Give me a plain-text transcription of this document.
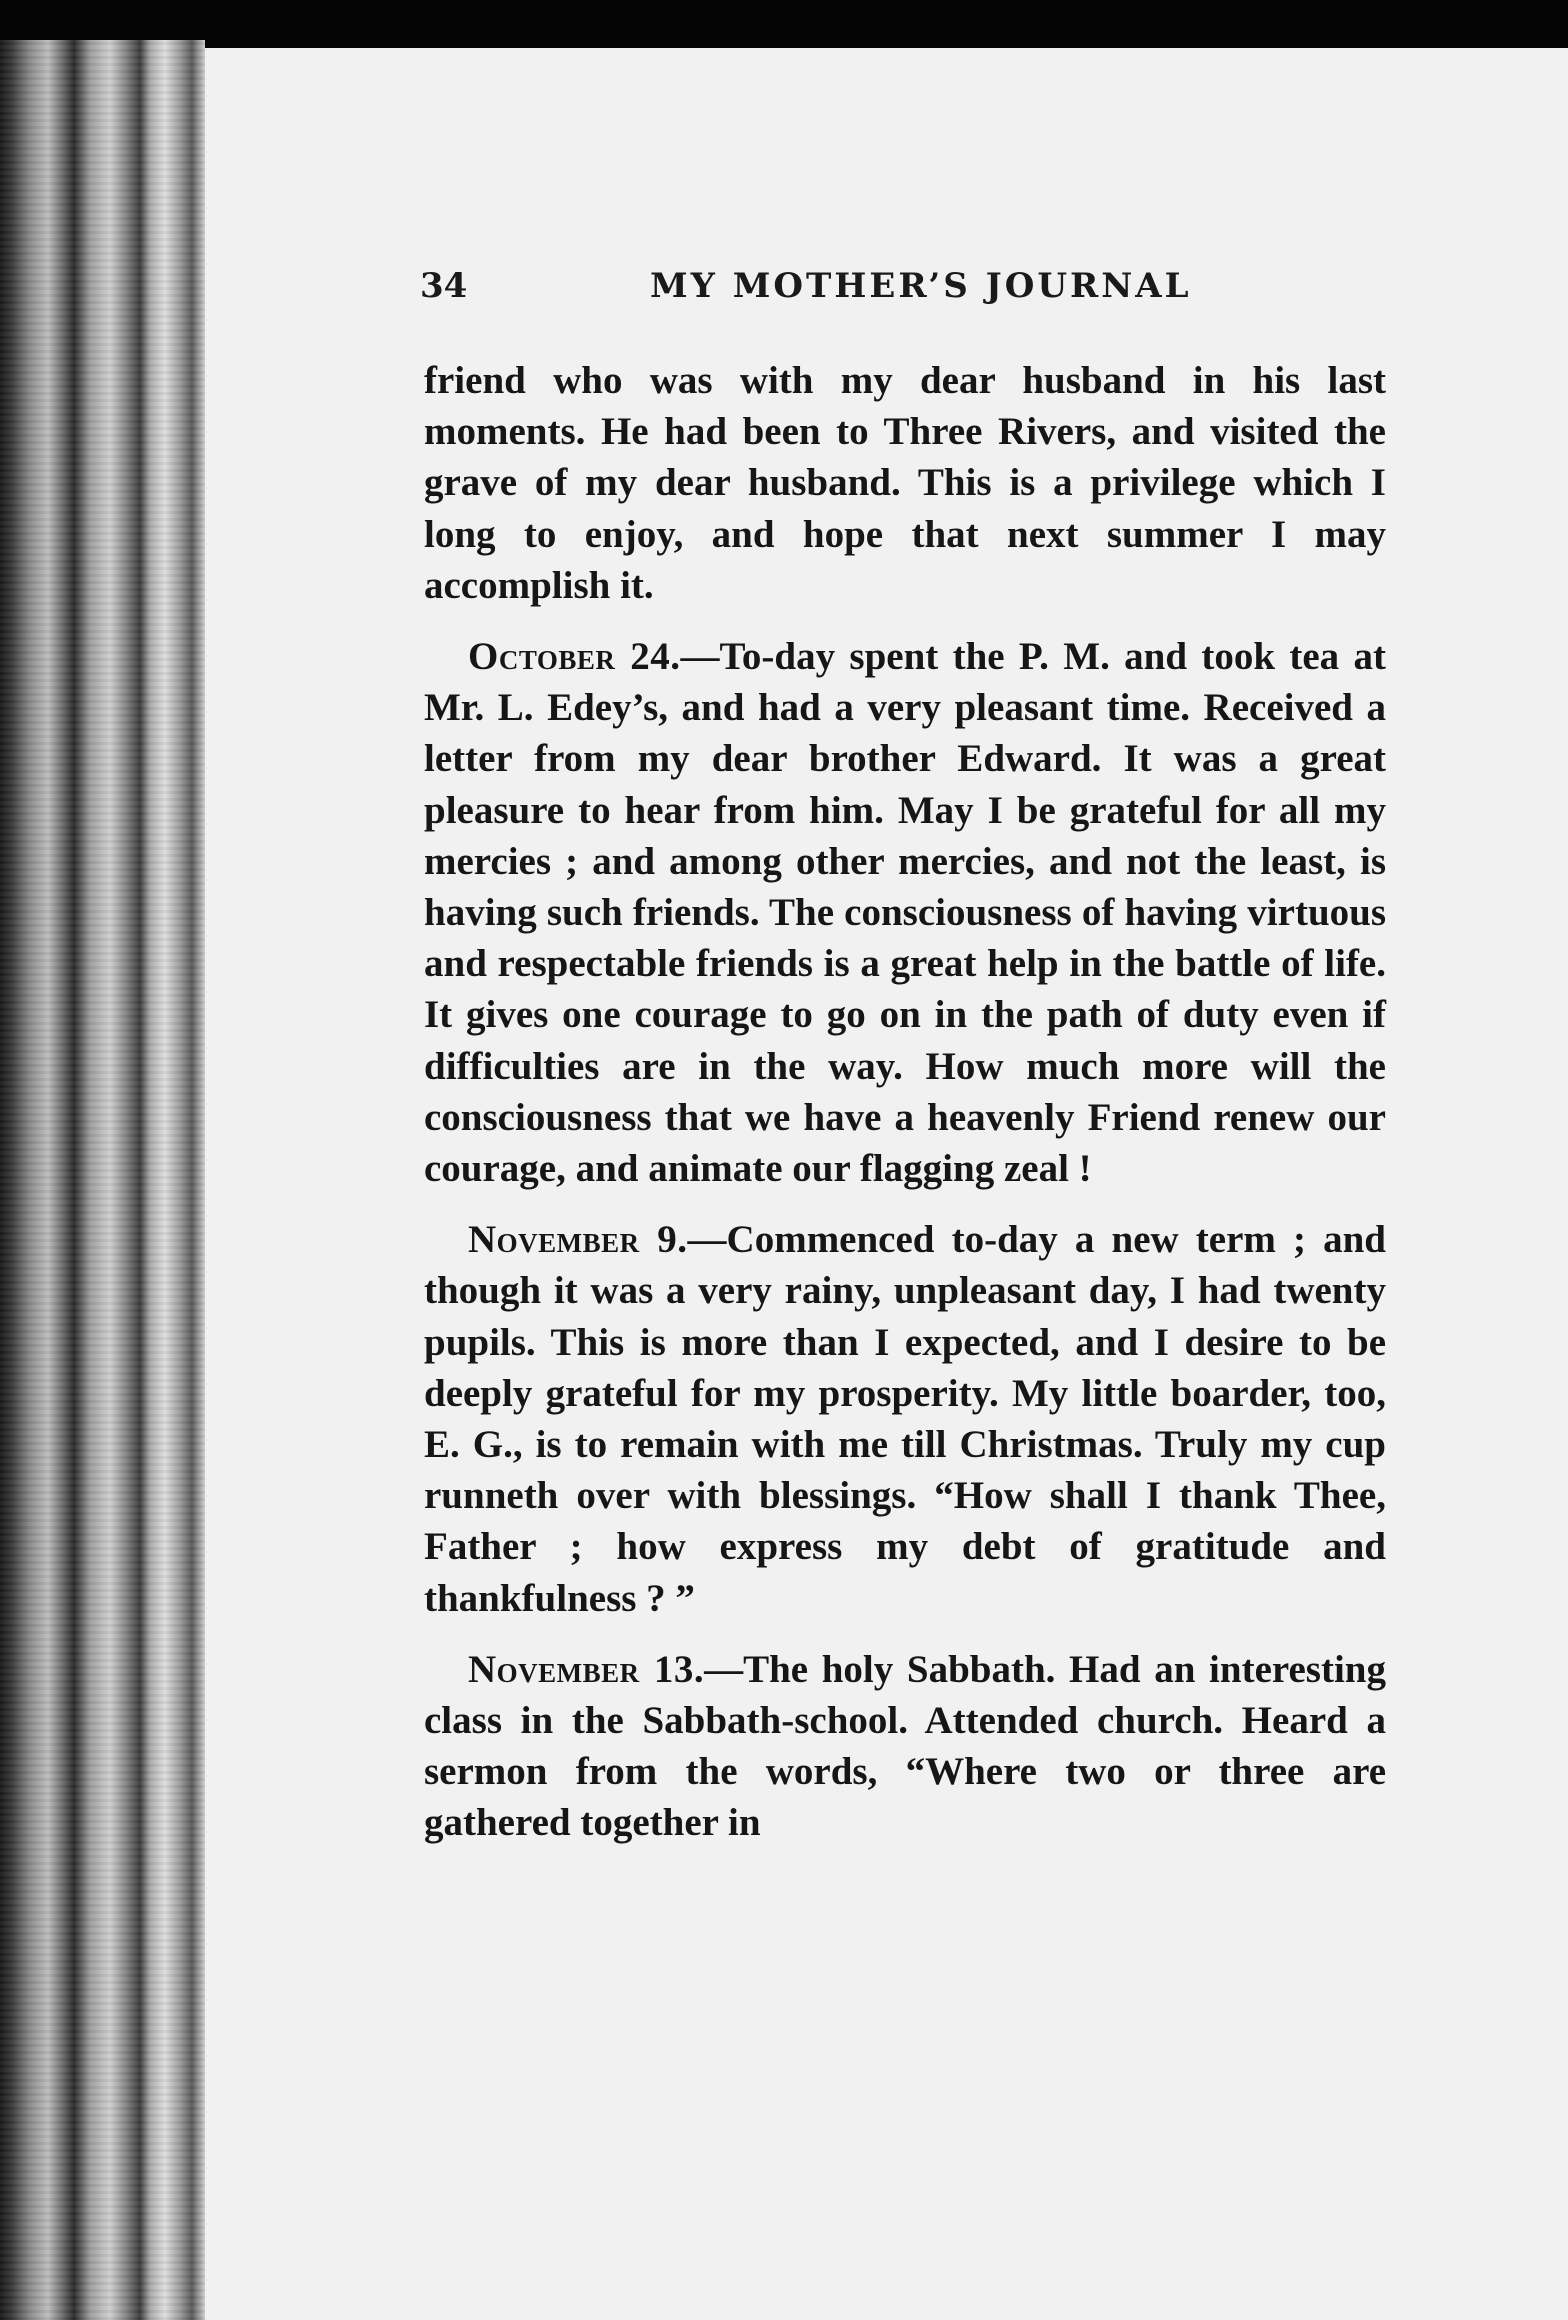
34	MY MOTHER’S JOURNAL

friend who was with my dear husband in his last moments. He had been to Three Rivers, and visited the grave of my dear husband. This is a privilege which I long to enjoy, and hope that next summer I may accomplish it.

October 24.—To-day spent the P. M. and took tea at Mr. L. Edey’s, and had a very pleasant time. Received a letter from my dear brother Edward. It was a great pleasure to hear from him. May I be grateful for all my mercies ; and among other mercies, and not the least, is having such friends. The consciousness of having virtuous and respectable friends is a great help in the battle of life. It gives one courage to go on in the path of duty even if difficulties are in the way. How much more will the consciousness that we have a heavenly Friend renew our courage, and animate our flagging zeal !

November 9.—Commenced to-day a new term ; and though it was a very rainy, unpleasant day, I had twenty pupils. This is more than I expected, and I desire to be deeply grateful for my prosperity. My little boarder, too, E. G., is to remain with me till Christmas. Truly my cup runneth over with blessings. “How shall I thank Thee, Father ; how express my debt of gratitude and thankfulness ? ”

November 13.—The holy Sabbath. Had an interesting class in the Sabbath-school. Attended church. Heard a sermon from the words, “Where two or three are gathered together in
